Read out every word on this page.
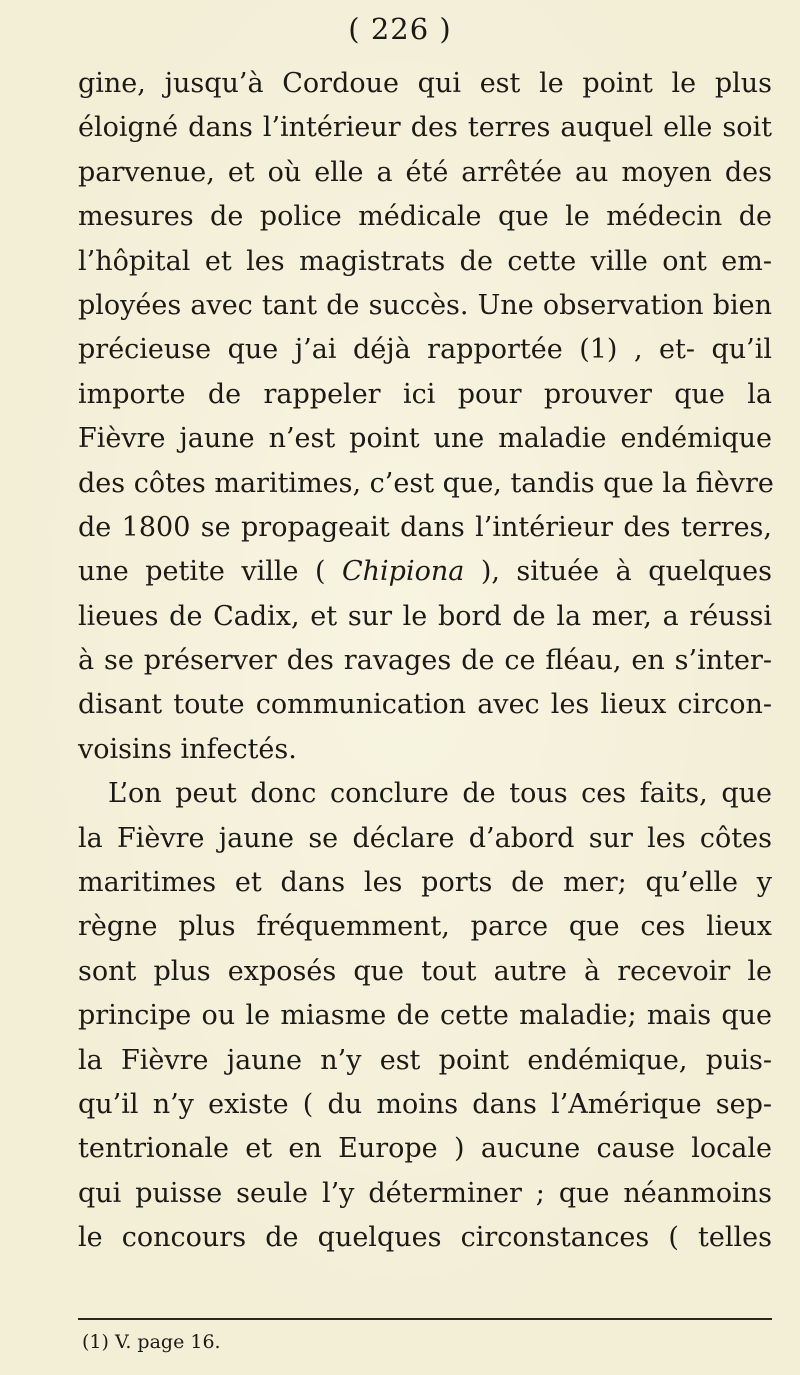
( 226 )
gine, jusqu’à Cordoue qui est le point le plus
éloigné dans l’intérieur des terres auquel elle soit
parvenue, et où elle a été arrêtée au moyen des
mesures de police médicale que le médecin de
l’hôpital et les magistrats de cette ville ont em-
ployées avec tant de succès. Une observation bien
précieuse que j’ai déjà rapportée (1) , et- qu’il
importe de rappeler ici pour prouver que la
Fièvre jaune n’est point une maladie endémique
des côtes maritimes, c’est que, tandis que la fièvre
de 1800 se propageait dans l’intérieur des terres,
une petite ville ( Chipiona ), située à quelques
lieues de Cadix, et sur le bord de la mer, a réussi
à se préserver des ravages de ce fléau, en s’inter-
disant toute communication avec les lieux circon-
voisins infectés.
L’on peut donc conclure de tous ces faits, que
la Fièvre jaune se déclare d’abord sur les côtes
maritimes et dans les ports de mer; qu’elle y
règne plus fréquemment, parce que ces lieux
sont plus exposés que tout autre à recevoir le
principe ou le miasme de cette maladie; mais que
la Fièvre jaune n’y est point endémique, puis-
qu’il n’y existe ( du moins dans l’Amérique sep-
tentrionale et en Europe ) aucune cause locale
qui puisse seule l’y déterminer ; que néanmoins
le concours de quelques circonstances ( telles
(1) V. page 16.
